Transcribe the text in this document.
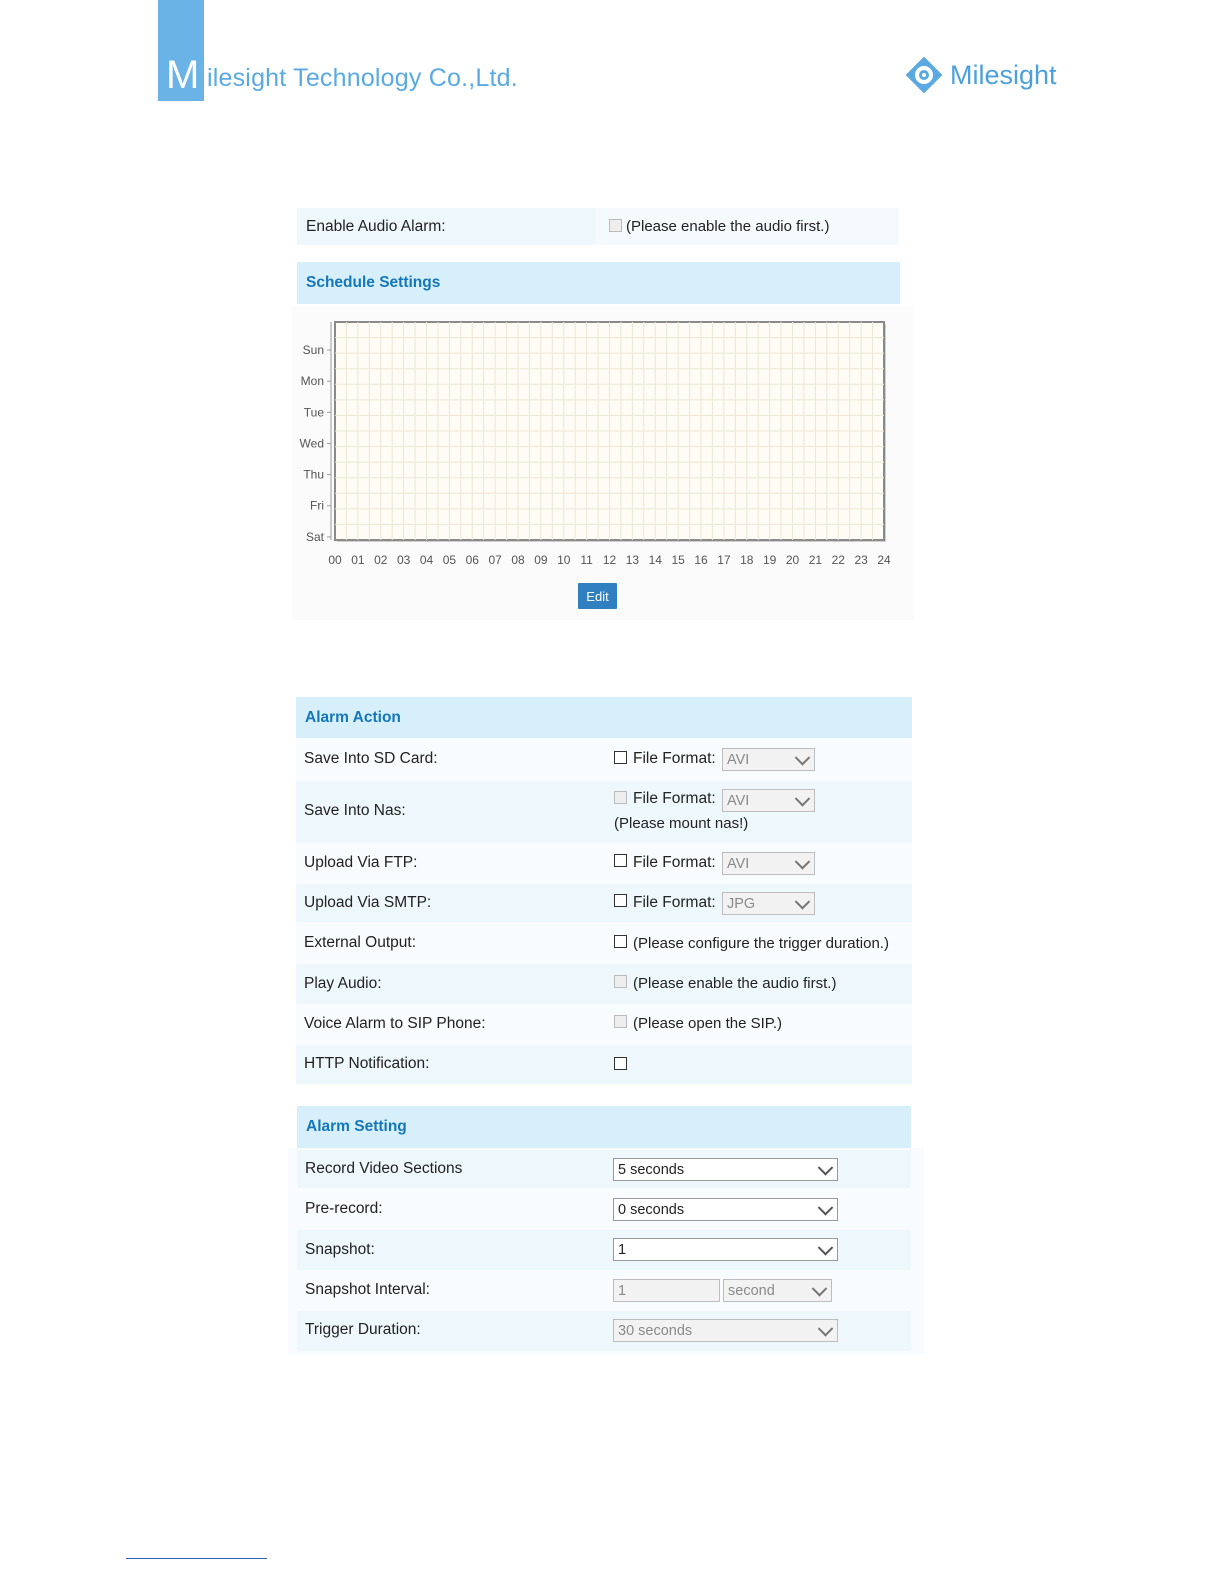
M ilesight Technology Co.,Ltd.	Milesight
Enable Audio Alarm:	(Please enable the audio first.)
Schedule Settings
Sun
Mon
Tue
Wed
Thu
Fri
Sat
00 01 02 03 04 05 06 07 08 09 10 11 12 13 14 15 16 17 18 19 20 21 22 23 24
Edit
Alarm Action
Save Into SD Card:	File Format: AVI
Save Into Nas:
File Format: AVI
(Please mount nas!)
Upload Via FTP:	File Format: AVI
Upload Via SMTP:	File Format: JPG
External Output:	(Please configure the trigger duration.)
Play Audio:	(Please enable the audio first.)
Voice Alarm to SIP Phone:	(Please open the SIP.)
HTTP Notification:
Alarm Setting
Record Video Sections	5 seconds
Pre-record:	0 seconds
Snapshot:	1
Snapshot Interval:	1	second
Trigger Duration:	30 seconds
